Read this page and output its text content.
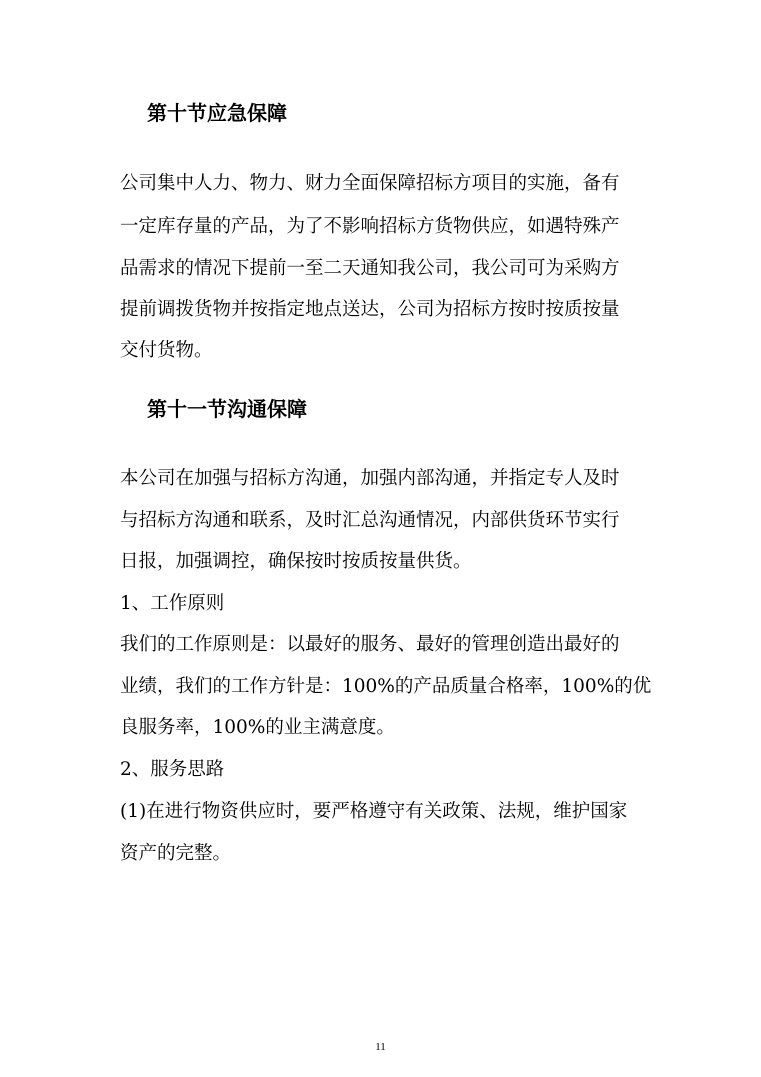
第十节应急保障
公司集中人力、物力、财力全面保障招标方项目的实施，备有
一定库存量的产品，为了不影响招标方货物供应，如遇特殊产
品需求的情况下提前一至二天通知我公司，我公司可为采购方
提前调拨货物并按指定地点送达，公司为招标方按时按质按量
交付货物。
第十一节沟通保障
本公司在加强与招标方沟通，加强内部沟通，并指定专人及时
与招标方沟通和联系，及时汇总沟通情况，内部供货环节实行
日报，加强调控，确保按时按质按量供货。
1、工作原则
我们的工作原则是：以最好的服务、最好的管理创造出最好的
业绩，我们的工作方针是：100%的产品质量合格率，100%的优
良服务率，100%的业主满意度。
2、服务思路
(1)在进行物资供应时，要严格遵守有关政策、法规，维护国家
资产的完整。
11
